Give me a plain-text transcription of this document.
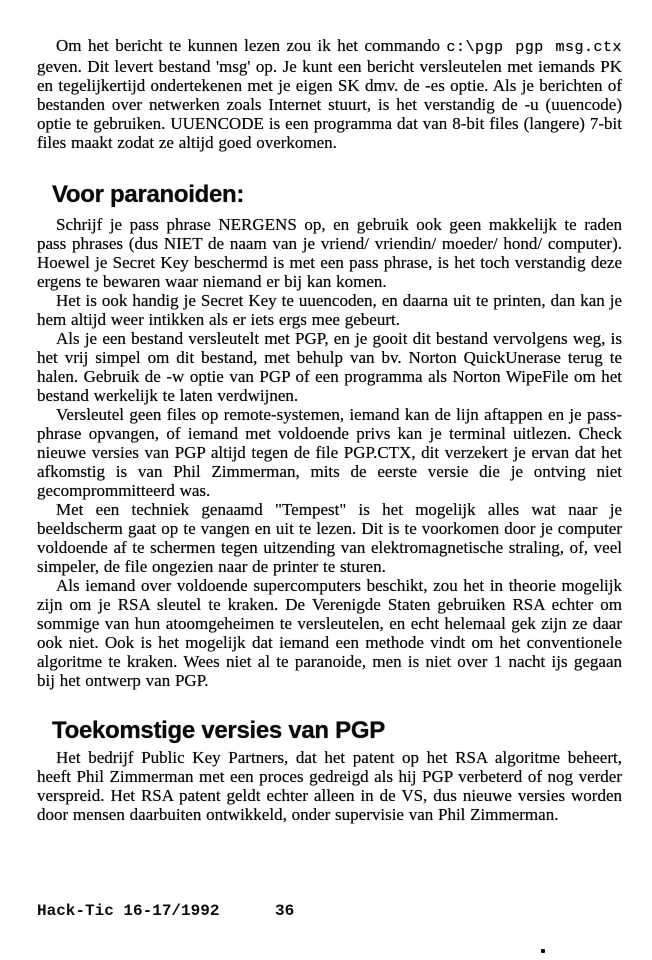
Om het bericht te kunnen lezen zou ik het commando c:\pgp pgp msg.ctx geven. Dit levert bestand 'msg' op. Je kunt een bericht versleutelen met iemands PK en tegelijkertijd ondertekenen met je eigen SK dmv. de -es optie. Als je berichten of bestanden over netwerken zoals Internet stuurt, is het verstandig de -u (uuencode) optie te gebruiken. UUENCODE is een programma dat van 8-bit files (langere) 7-bit files maakt zodat ze altijd goed overkomen.

Voor paranoiden:

Schrijf je pass phrase NERGENS op, en gebruik ook geen makkelijk te raden pass phrases (dus NIET de naam van je vriend/ vriendin/ moeder/ hond/ computer). Hoewel je Secret Key beschermd is met een pass phrase, is het toch verstandig deze ergens te bewaren waar niemand er bij kan komen.

Het is ook handig je Secret Key te uuencoden, en daarna uit te printen, dan kan je hem altijd weer intikken als er iets ergs mee gebeurt.

Als je een bestand versleutelt met PGP, en je gooit dit bestand vervolgens weg, is het vrij simpel om dit bestand, met behulp van bv. Norton QuickUnerase terug te halen. Gebruik de -w optie van PGP of een programma als Norton WipeFile om het bestand werkelijk te laten verdwijnen.

Versleutel geen files op remote-systemen, iemand kan de lijn aftappen en je pass-phrase opvangen, of iemand met voldoende privs kan je terminal uitlezen. Check nieuwe versies van PGP altijd tegen de file PGP.CTX, dit verzekert je ervan dat het afkomstig is van Phil Zimmerman, mits de eerste versie die je ontving niet gecomprommitteerd was.

Met een techniek genaamd "Tempest" is het mogelijk alles wat naar je beeldscherm gaat op te vangen en uit te lezen. Dit is te voorkomen door je computer voldoende af te schermen tegen uitzending van elektromagnetische straling, of, veel simpeler, de file ongezien naar de printer te sturen.

Als iemand over voldoende supercomputers beschikt, zou het in theorie mogelijk zijn om je RSA sleutel te kraken. De Verenigde Staten gebruiken RSA echter om sommige van hun atoomgeheimen te versleutelen, en echt helemaal gek zijn ze daar ook niet. Ook is het mogelijk dat iemand een methode vindt om het conventionele algoritme te kraken. Wees niet al te paranoide, men is niet over 1 nacht ijs gegaan bij het ontwerp van PGP.

Toekomstige versies van PGP

Het bedrijf Public Key Partners, dat het patent op het RSA algoritme beheert, heeft Phil Zimmerman met een proces gedreigd als hij PGP verbeterd of nog verder verspreid. Het RSA patent geldt echter alleen in de VS, dus nieuwe versies worden door mensen daarbuiten ontwikkeld, onder supervisie van Phil Zimmerman.

Hack-Tic 16-17/1992	36
